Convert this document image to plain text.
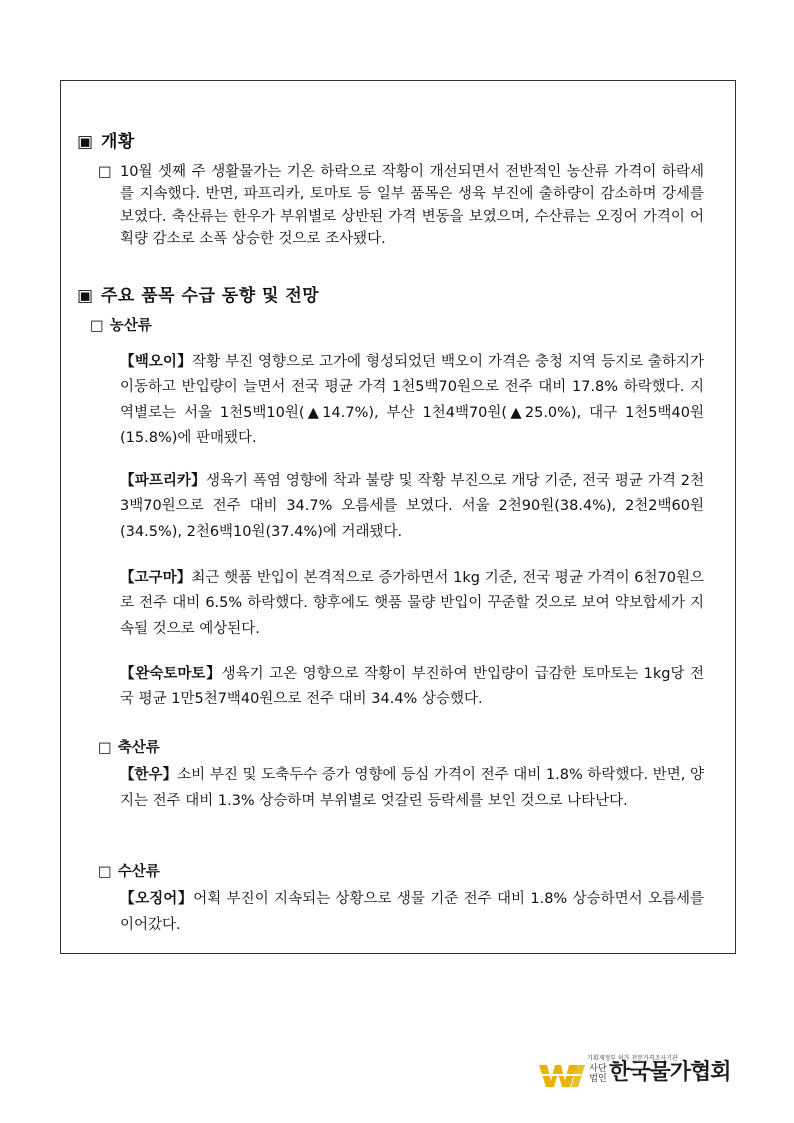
▣ 개황
□ 10월 셋째 주 생활물가는 기온 하락으로 작황이 개선되면서 전반적인 농산류 가격이 하락세를 지속했다. 반면, 파프리카, 토마토 등 일부 품목은 생육 부진에 출하량이 감소하며 강세를 보였다. 축산류는 한우가 부위별로 상반된 가격 변동을 보였으며, 수산류는 오징어 가격이 어획량 감소로 소폭 상승한 것으로 조사됐다.
▣ 주요 품목 수급 동향 및 전망
□ 농산류
【백오이】작황 부진 영향으로 고가에 형성되었던 백오이 가격은 충청 지역 등지로 출하지가 이동하고 반입량이 늘면서 전국 평균 가격 1천5백70원으로 전주 대비 17.8% 하락했다. 지역별로는 서울 1천5백10원(▲14.7%), 부산 1천4백70원(▲25.0%), 대구 1천5백40원(15.8%)에 판매됐다.
【파프리카】생육기 폭염 영향에 착과 불량 및 작황 부진으로 개당 기준, 전국 평균 가격 2천3백70원으로 전주 대비 34.7% 오름세를 보였다. 서울 2천90원(38.4%), 2천2백60원(34.5%), 2천6백10원(37.4%)에 거래됐다.
【고구마】최근 햇품 반입이 본격적으로 증가하면서 1kg 기준, 전국 평균 가격이 6천70원으로 전주 대비 6.5% 하락했다. 향후에도 햇품 물량 반입이 꾸준할 것으로 보여 약보합세가 지속될 것으로 예상된다.
【완숙토마토】생육기 고온 영향으로 작황이 부진하여 반입량이 급감한 토마토는 1kg당 전국 평균 1만5천7백40원으로 전주 대비 34.4% 상승했다.
□ 축산류
【한우】소비 부진 및 도축두수 증가 영향에 등심 가격이 전주 대비 1.8% 하락했다. 반면, 양지는 전주 대비 1.3% 상승하며 부위별로 엇갈린 등락세를 보인 것으로 나타난다.
□ 수산류
【오징어】어획 부진이 지속되는 상황으로 생물 기준 전주 대비 1.8% 상승하면서 오름세를 이어갔다.
기획재정부 허가 전문가격조사기관
사단법인 한국물가협회
